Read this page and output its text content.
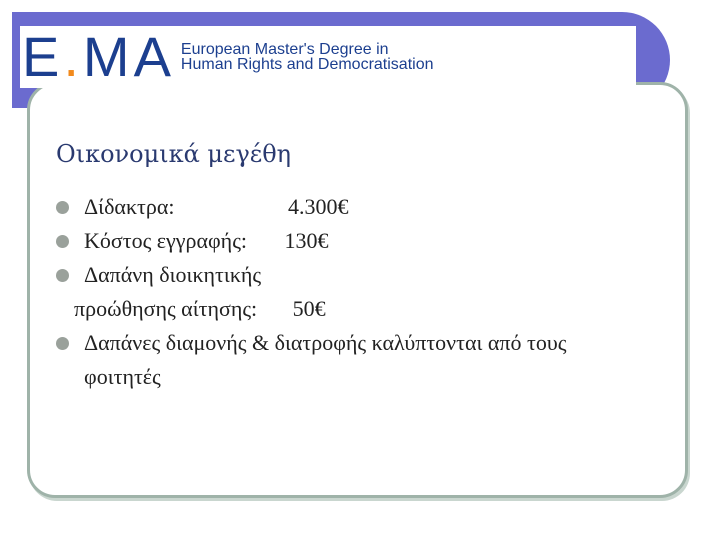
E.MA European Master's Degree in
Human Rights and Democratisation
Οικονομικά μεγέθη
Δίδακτρα:	4.300€
Κόστος εγγραφής: 130€
Δαπάνη διοικητικής
προώθησης αίτησης: 50€
Δαπάνες διαμονής & διατροφής καλύπτονται από τους
φοιτητές
